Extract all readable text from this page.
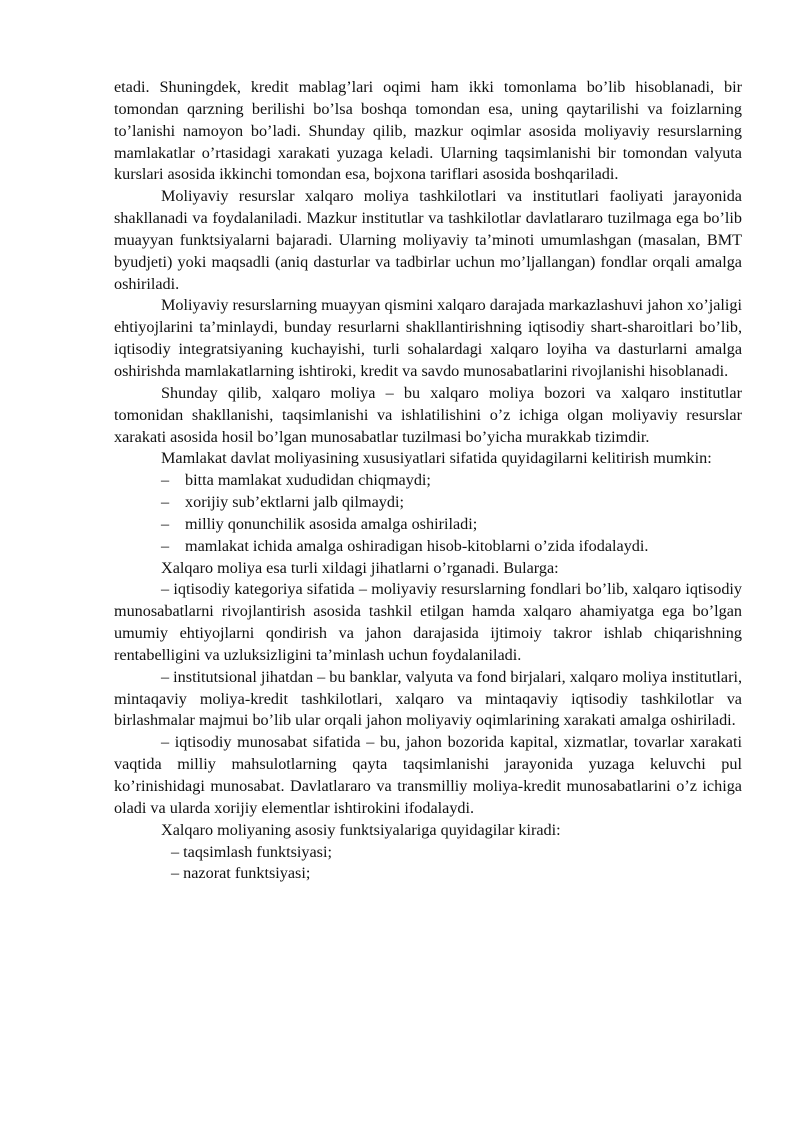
etadi. Shuningdek, kredit mablag’lari oqimi ham ikki tomonlama bo’lib hisoblanadi, bir tomondan qarzning berilishi bo’lsa boshqa tomondan esa, uning qaytarilishi va foizlarning to’lanishi namoyon bo’ladi. Shunday qilib, mazkur oqimlar asosida moliyaviy resurslarning mamlakatlar o’rtasidagi xarakati yuzaga keladi. Ularning taqsimlanishi bir tomondan valyuta kurslari asosida ikkinchi tomondan esa, bojxona tariflari asosida boshqariladi.

Moliyaviy resurslar xalqaro moliya tashkilotlari va institutlari faoliyati jarayonida shakllanadi va foydalaniladi. Mazkur institutlar va tashkilotlar davlatlararo tuzilmaga ega bo’lib muayyan funktsiyalarni bajaradi. Ularning moliyaviy ta’minoti umumlashgan (masalan, BMT byudjeti) yoki maqsadli (aniq dasturlar va tadbirlar uchun mo’ljallangan) fondlar orqali amalga oshiriladi.

Moliyaviy resurslarning muayyan qismini xalqaro darajada markazlashuvi jahon xo’jaligi ehtiyojlarini ta’minlaydi, bunday resurlarni shakllantirishning iqtisodiy shart-sharoitlari bo’lib, iqtisodiy integratsiyaning kuchayishi, turli sohalardagi xalqaro loyiha va dasturlarni amalga oshirishda mamlakatlarning ishtiroki, kredit va savdo munosabatlarini rivojlanishi hisoblanadi.

Shunday qilib, xalqaro moliya – bu xalqaro moliya bozori va xalqaro institutlar tomonidan shakllanishi, taqsimlanishi va ishlatilishini o’z ichiga olgan moliyaviy resurslar xarakati asosida hosil bo’lgan munosabatlar tuzilmasi bo’yicha murakkab tizimdir.

Mamlakat davlat moliyasining xususiyatlari sifatida quyidagilarni kelitirish mumkin:

– bitta mamlakat xududidan chiqmaydi;

– xorijiy sub’ektlarni jalb qilmaydi;

– milliy qonunchilik asosida amalga oshiriladi;

– mamlakat ichida amalga oshiradigan hisob-kitoblarni o’zida ifodalaydi.

Xalqaro moliya esa turli xildagi jihatlarni o’rganadi. Bularga:

– iqtisodiy kategoriya sifatida – moliyaviy resurslarning fondlari bo’lib, xalqaro iqtisodiy munosabatlarni rivojlantirish asosida tashkil etilgan hamda xalqaro ahamiyatga ega bo’lgan umumiy ehtiyojlarni qondirish va jahon darajasida ijtimoiy takror ishlab chiqarishning rentabelligini va uzluksizligini ta’minlash uchun foydalaniladi.

– institutsional jihatdan – bu banklar, valyuta va fond birjalari, xalqaro moliya institutlari, mintaqaviy moliya-kredit tashkilotlari, xalqaro va mintaqaviy iqtisodiy tashkilotlar va birlashmalar majmui bo’lib ular orqali jahon moliyaviy oqimlarining xarakati amalga oshiriladi.

– iqtisodiy munosabat sifatida – bu, jahon bozorida kapital, xizmatlar, tovarlar xarakati vaqtida milliy mahsulotlarning qayta taqsimlanishi jarayonida yuzaga keluvchi pul ko’rinishidagi munosabat. Davlatlararo va transmilliy moliya-kredit munosabatlarini o’z ichiga oladi va ularda xorijiy elementlar ishtirokini ifodalaydi.

Xalqaro moliyaning asosiy funktsiyalariga quyidagilar kiradi:

– taqsimlash funktsiyasi;

– nazorat funktsiyasi;
